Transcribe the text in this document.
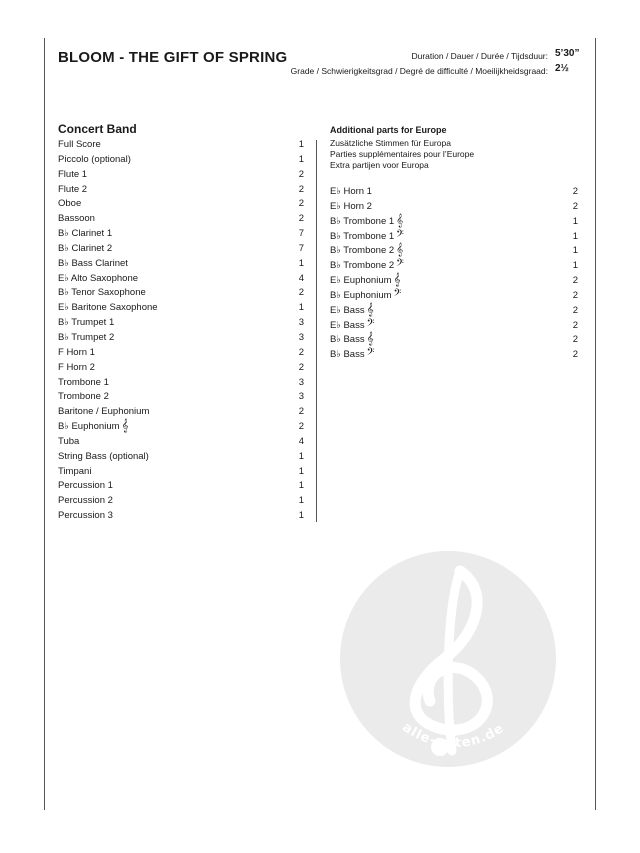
BLOOM - THE GIFT OF SPRING	Duration / Dauer / Durée / Tijdsduur: 5’30”
Grade / Schwierigkeitsgrad / Degré de difficulté / Moeilijkheidsgraad: 2½
Concert Band
Full Score	1
Piccolo (optional)	1
Flute 1	2
Flute 2	2
Oboe	2
Bassoon	2
B♭ Clarinet 1	7
B♭ Clarinet 2	7
B♭ Bass Clarinet	1
E♭ Alto Saxophone	4
B♭ Tenor Saxophone	2
E♭ Baritone Saxophone	1
B♭ Trumpet 1	3
B♭ Trumpet 2	3
F Horn 1	2
F Horn 2	2
Trombone 1	3
Trombone 2	3
Baritone / Euphonium	2
B♭ Euphonium 𝄞	2
Tuba	4
String Bass (optional)	1
Timpani	1
Percussion 1	1
Percussion 2	1
Percussion 3	1
Additional parts for Europe
Zusätzliche Stimmen für Europa
Parties supplémentaires pour l’Europe
Extra partijen voor Europa
E♭ Horn 1	2
E♭ Horn 2	2
B♭ Trombone 1 𝄞	1
B♭ Trombone 1 𝄢	1
B♭ Trombone 2 𝄞	1
B♭ Trombone 2 𝄢	1
E♭ Euphonium 𝄞	2
B♭ Euphonium 𝄢	2
E♭ Bass 𝄞	2
E♭ Bass 𝄢	2
B♭ Bass 𝄞	2
B♭ Bass 𝄢	2
alle-noten.de
